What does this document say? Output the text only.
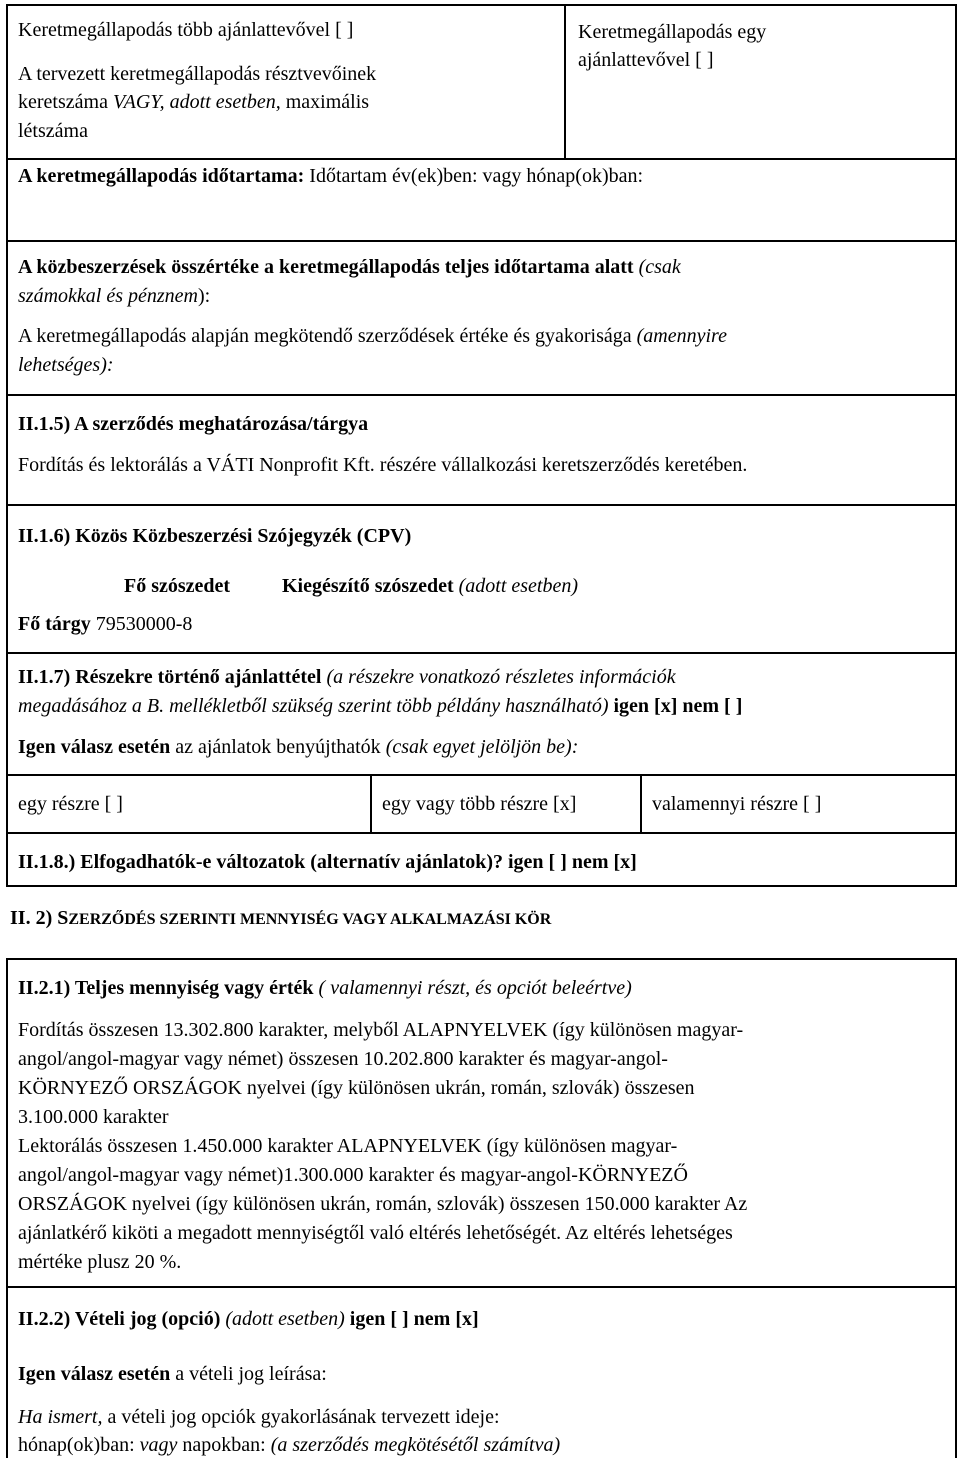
Keretmegállapodás több ajánlattevővel [ ]
A tervezett keretmegállapodás résztvevőinek
keretszáma VAGY, adott esetben, maximális
létszáma
Keretmegállapodás egy
ajánlattevővel [ ]
A keretmegállapodás időtartama: Időtartam év(ek)ben: vagy hónap(ok)ban:
A közbeszerzések összértéke a keretmegállapodás teljes időtartama alatt (csak
számokkal és pénznem):
A keretmegállapodás alapján megkötendő szerződések értéke és gyakorisága (amennyire
lehetséges):
II.1.5) A szerződés meghatározása/tárgya
Fordítás és lektorálás a VÁTI Nonprofit Kft. részére vállalkozási keretszerződés keretében.
II.1.6) Közös Közbeszerzési Szójegyzék (CPV)
Fő szószedet	Kiegészítő szószedet (adott esetben)
Fő tárgy 79530000-8
II.1.7) Részekre történő ajánlattétel (a részekre vonatkozó részletes információk
megadásához a B. mellékletből szükség szerint több példány használható) igen [x] nem [ ]
Igen válasz esetén az ajánlatok benyújthatók (csak egyet jelöljön be):
egy részre [ ]	egy vagy több részre [x]	valamennyi részre [ ]
II.1.8.) Elfogadhatók-e változatok (alternatív ajánlatok)? igen [ ] nem [x]
II. 2) SZERZŐDÉS SZERINTI MENNYISÉG VAGY ALKALMAZÁSI KÖR
II.2.1) Teljes mennyiség vagy érték ( valamennyi részt, és opciót beleértve)
Fordítás összesen 13.302.800 karakter, melyből ALAPNYELVEK (így különösen magyar-
angol/angol-magyar vagy német) összesen 10.202.800 karakter és magyar-angol-
KÖRNYEZŐ ORSZÁGOK nyelvei (így különösen ukrán, román, szlovák) összesen
3.100.000 karakter
Lektorálás összesen 1.450.000 karakter ALAPNYELVEK (így különösen magyar-
angol/angol-magyar vagy német)1.300.000 karakter és magyar-angol-KÖRNYEZŐ
ORSZÁGOK nyelvei (így különösen ukrán, román, szlovák) összesen 150.000 karakter Az
ajánlatkérő kiköti a megadott mennyiségtől való eltérés lehetőségét. Az eltérés lehetséges
mértéke plusz 20 %.
II.2.2) Vételi jog (opció) (adott esetben) igen [ ] nem [x]
Igen válasz esetén a vételi jog leírása:
Ha ismert, a vételi jog opciók gyakorlásának tervezett ideje:
hónap(ok)ban: vagy napokban: (a szerződés megkötésétől számítva)
